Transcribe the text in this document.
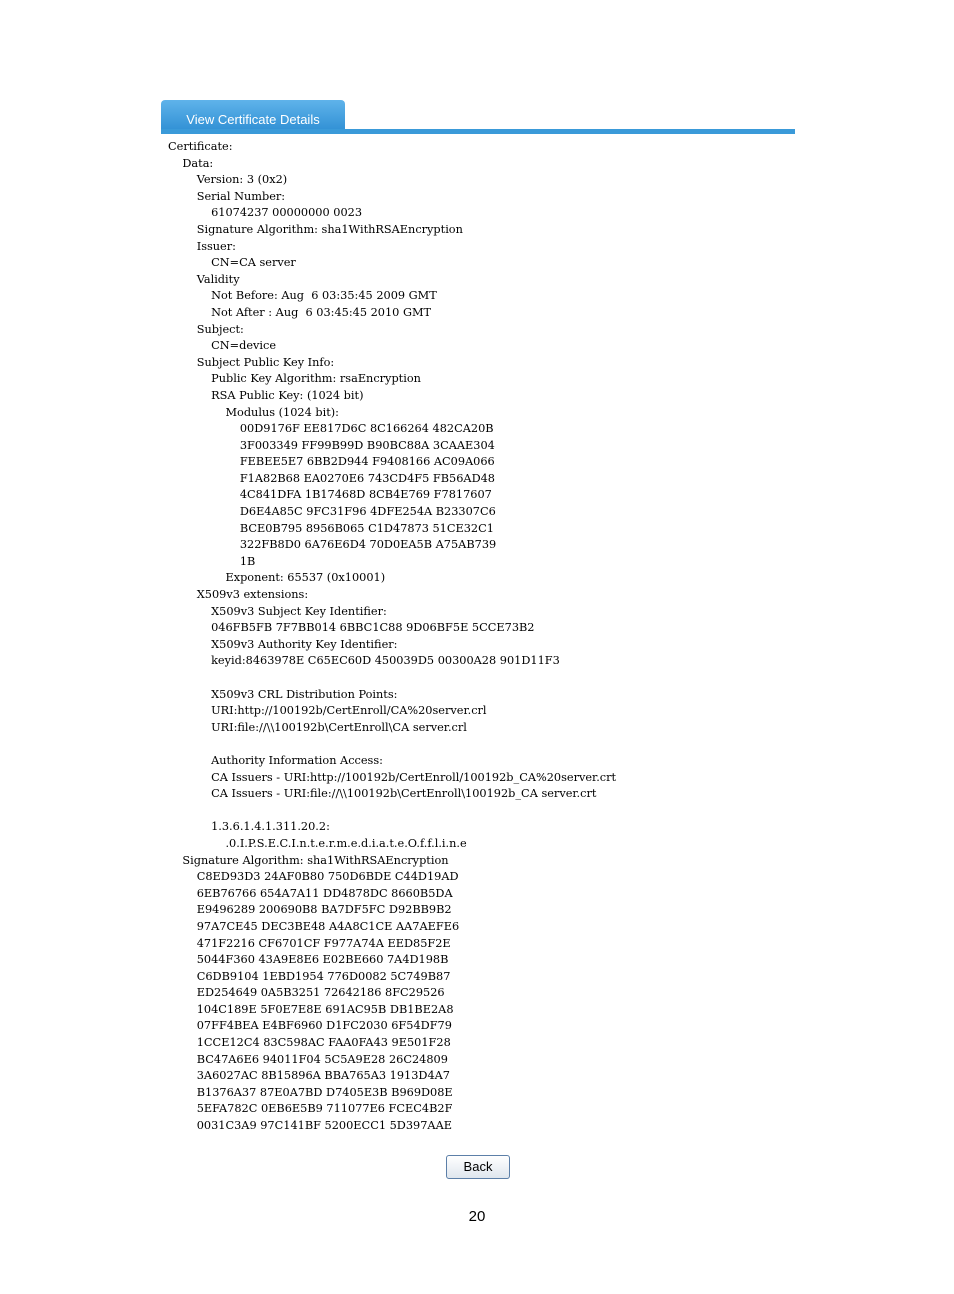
View Certificate Details
Certificate:
Data:
Version: 3 (0x2)
Serial Number:
61074237 00000000 0023
Signature Algorithm: sha1WithRSAEncryption
Issuer:
CN=CA server
Validity
Not Before: Aug  6 03:35:45 2009 GMT
Not After : Aug  6 03:45:45 2010 GMT
Subject:
CN=device
Subject Public Key Info:
Public Key Algorithm: rsaEncryption
RSA Public Key: (1024 bit)
Modulus (1024 bit):
00D9176F EE817D6C 8C166264 482CA20B
3F003349 FF99B99D B90BC88A 3CAAE304
FEBEE5E7 6BB2D944 F9408166 AC09A066
F1A82B68 EA0270E6 743CD4F5 FB56AD48
4C841DFA 1B17468D 8CB4E769 F7817607
D6E4A85C 9FC31F96 4DFE254A B23307C6
BCE0B795 8956B065 C1D47873 51CE32C1
322FB8D0 6A76E6D4 70D0EA5B A75AB739
1B
Exponent: 65537 (0x10001)
X509v3 extensions:
X509v3 Subject Key Identifier:
046FB5FB 7F7BB014 6BBC1C88 9D06BF5E 5CCE73B2
X509v3 Authority Key Identifier:
keyid:8463978E C65EC60D 450039D5 00300A28 901D11F3
X509v3 CRL Distribution Points:
URI:http://100192b/CertEnroll/CA%20server.crl
URI:file://\\100192b\CertEnroll\CA server.crl
Authority Information Access:
CA Issuers - URI:http://100192b/CertEnroll/100192b_CA%20server.crt
CA Issuers - URI:file://\\100192b\CertEnroll\100192b_CA server.crt
1.3.6.1.4.1.311.20.2:
.0.I.P.S.E.C.I.n.t.e.r.m.e.d.i.a.t.e.O.f.f.l.i.n.e
Signature Algorithm: sha1WithRSAEncryption
C8ED93D3 24AF0B80 750D6BDE C44D19AD
6EB76766 654A7A11 DD4878DC 8660B5DA
E9496289 200690B8 BA7DF5FC D92BB9B2
97A7CE45 DEC3BE48 A4A8C1CE AA7AEFE6
471F2216 CF6701CF F977A74A EED85F2E
5044F360 43A9E8E6 E02BE660 7A4D198B
C6DB9104 1EBD1954 776D0082 5C749B87
ED254649 0A5B3251 72642186 8FC29526
104C189E 5F0E7E8E 691AC95B DB1BE2A8
07FF4BEA E4BF6960 D1FC2030 6F54DF79
1CCE12C4 83C598AC FAA0FA43 9E501F28
BC47A6E6 94011F04 5C5A9E28 26C24809
3A6027AC 8B15896A BBA765A3 1913D4A7
B1376A37 87E0A7BD D7405E3B B969D08E
5EFA782C 0EB6E5B9 711077E6 FCEC4B2F
0031C3A9 97C141BF 5200ECC1 5D397AAE
Back
20
